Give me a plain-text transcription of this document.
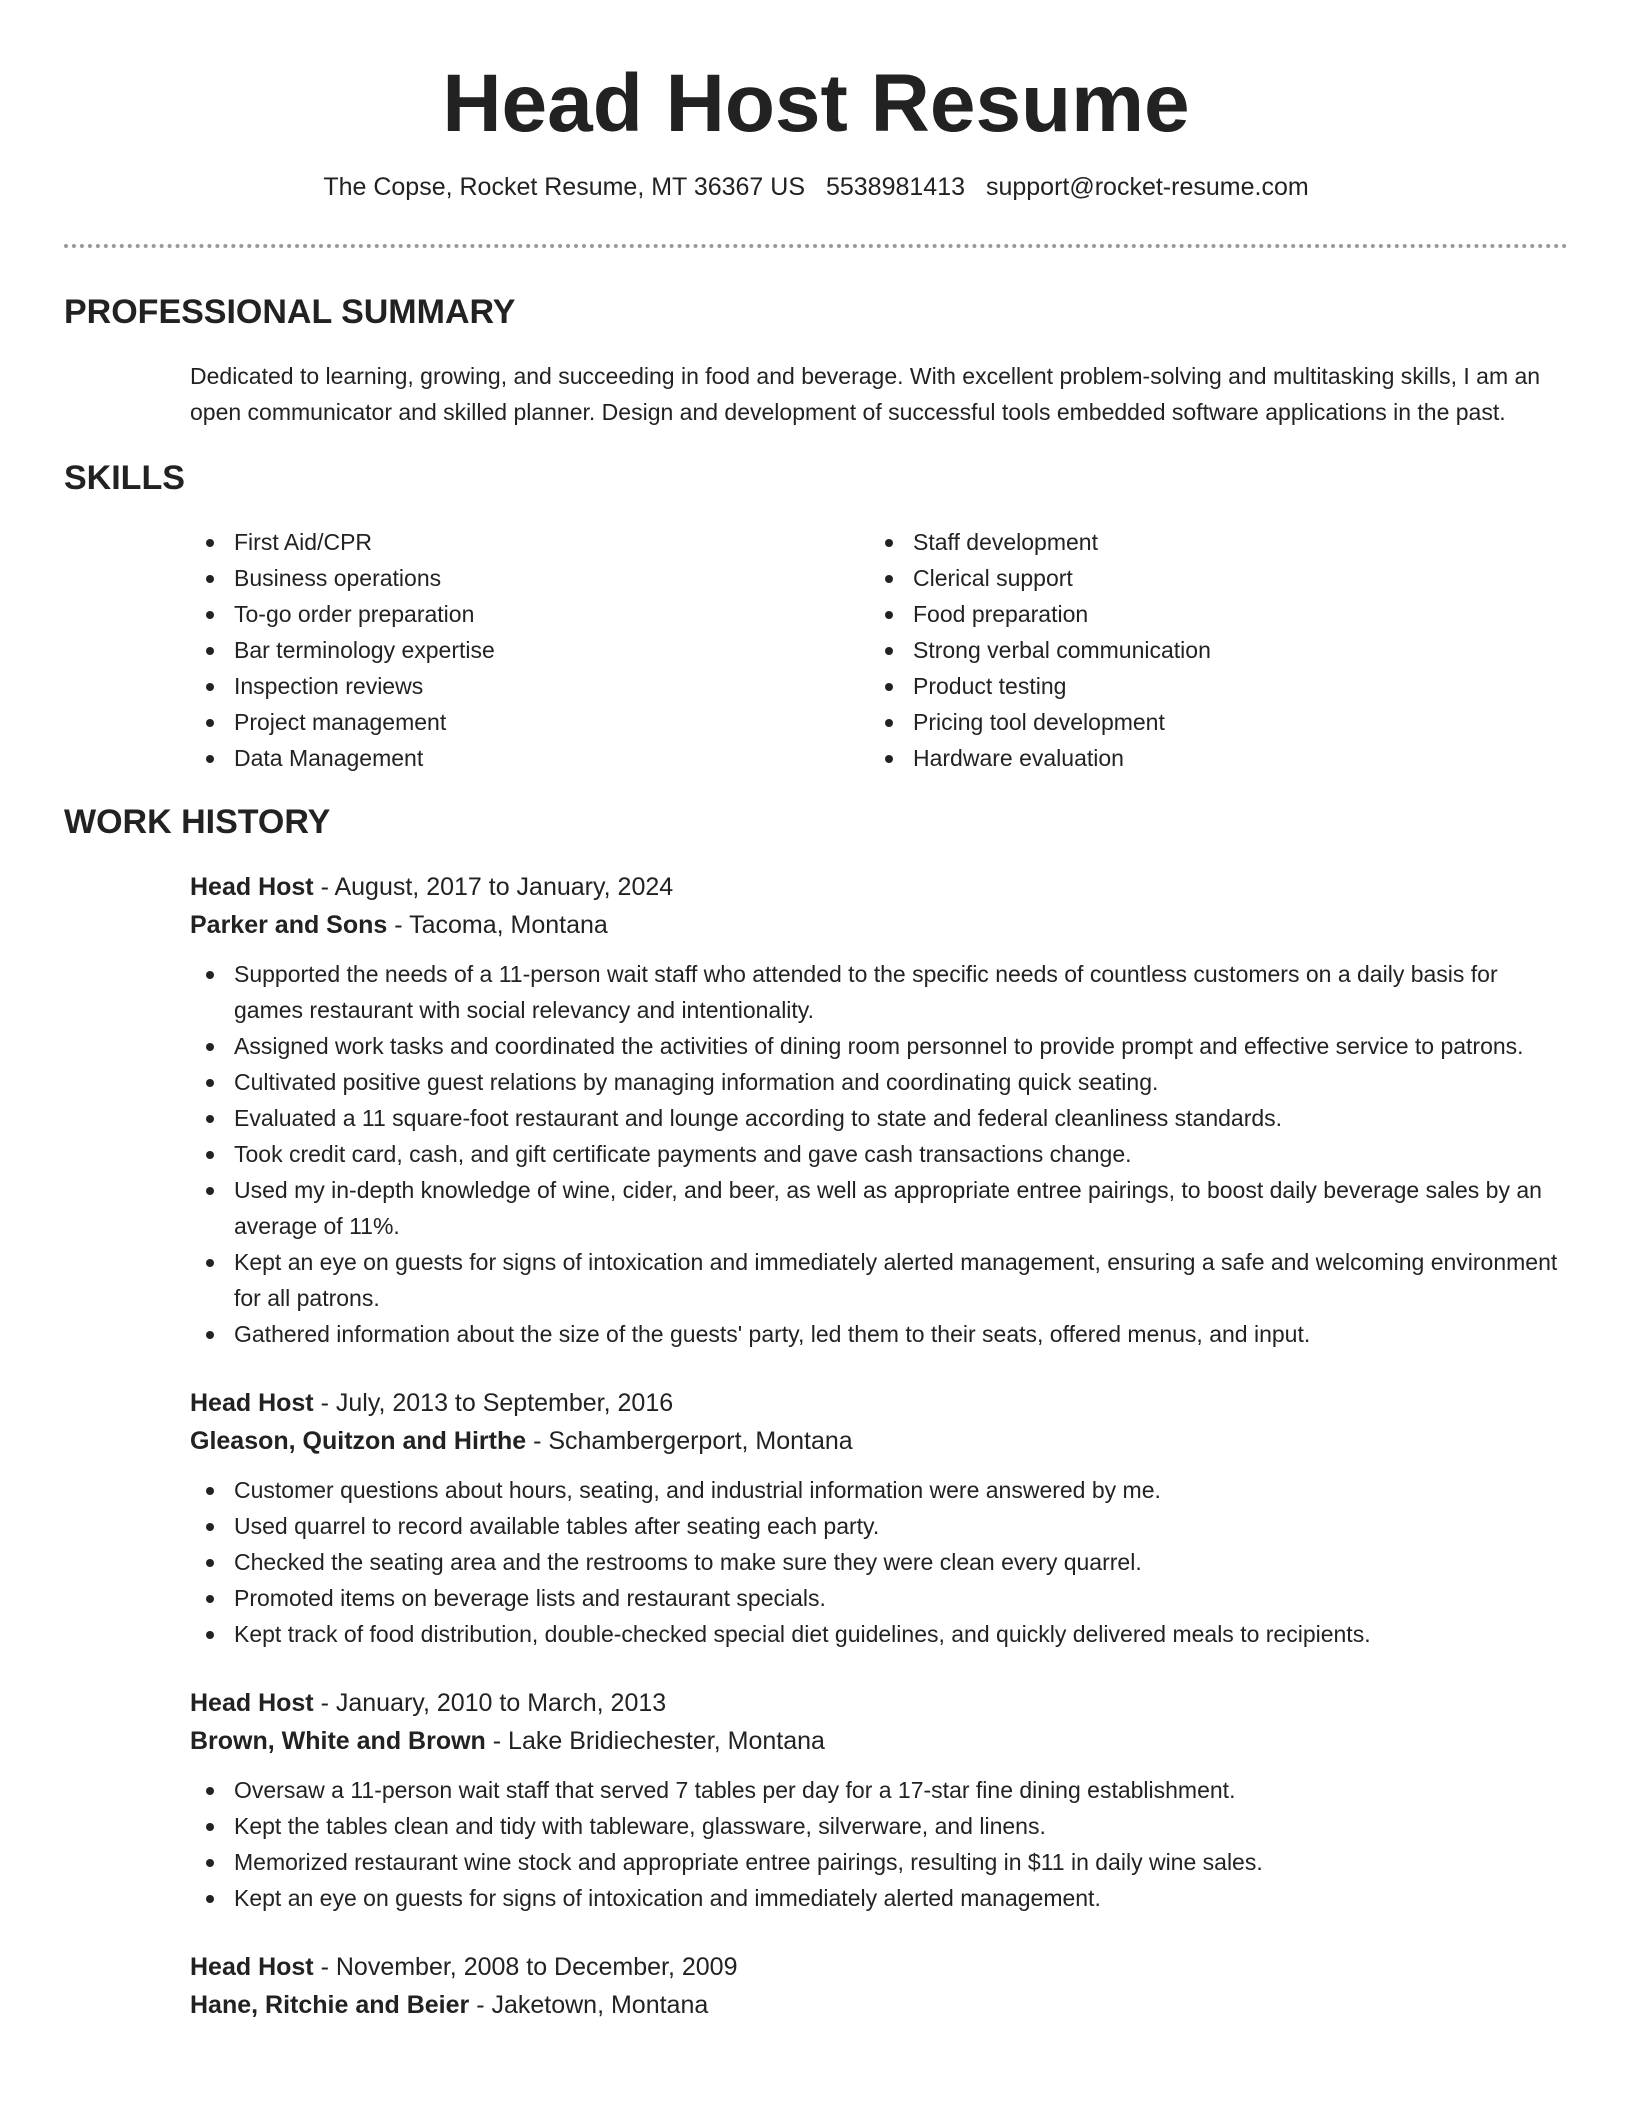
Head Host Resume
The Copse, Rocket Resume, MT 36367 US 5538981413 support@rocket-resume.com
PROFESSIONAL SUMMARY
Dedicated to learning, growing, and succeeding in food and beverage. With excellent problem-solving and multitasking skills, I am an open communicator and skilled planner. Design and development of successful tools embedded software applications in the past.
SKILLS
First Aid/CPR
Business operations
To-go order preparation
Bar terminology expertise
Inspection reviews
Project management
Data Management
Staff development
Clerical support
Food preparation
Strong verbal communication
Product testing
Pricing tool development
Hardware evaluation
WORK HISTORY
Head Host - August, 2017 to January, 2024
Parker and Sons - Tacoma, Montana
Supported the needs of a 11-person wait staff who attended to the specific needs of countless customers on a daily basis for games restaurant with social relevancy and intentionality.
Assigned work tasks and coordinated the activities of dining room personnel to provide prompt and effective service to patrons.
Cultivated positive guest relations by managing information and coordinating quick seating.
Evaluated a 11 square-foot restaurant and lounge according to state and federal cleanliness standards.
Took credit card, cash, and gift certificate payments and gave cash transactions change.
Used my in-depth knowledge of wine, cider, and beer, as well as appropriate entree pairings, to boost daily beverage sales by an average of 11%.
Kept an eye on guests for signs of intoxication and immediately alerted management, ensuring a safe and welcoming environment for all patrons.
Gathered information about the size of the guests' party, led them to their seats, offered menus, and input.
Head Host - July, 2013 to September, 2016
Gleason, Quitzon and Hirthe - Schambergerport, Montana
Customer questions about hours, seating, and industrial information were answered by me.
Used quarrel to record available tables after seating each party.
Checked the seating area and the restrooms to make sure they were clean every quarrel.
Promoted items on beverage lists and restaurant specials.
Kept track of food distribution, double-checked special diet guidelines, and quickly delivered meals to recipients.
Head Host - January, 2010 to March, 2013
Brown, White and Brown - Lake Bridiechester, Montana
Oversaw a 11-person wait staff that served 7 tables per day for a 17-star fine dining establishment.
Kept the tables clean and tidy with tableware, glassware, silverware, and linens.
Memorized restaurant wine stock and appropriate entree pairings, resulting in $11 in daily wine sales.
Kept an eye on guests for signs of intoxication and immediately alerted management.
Head Host - November, 2008 to December, 2009
Hane, Ritchie and Beier - Jaketown, Montana
